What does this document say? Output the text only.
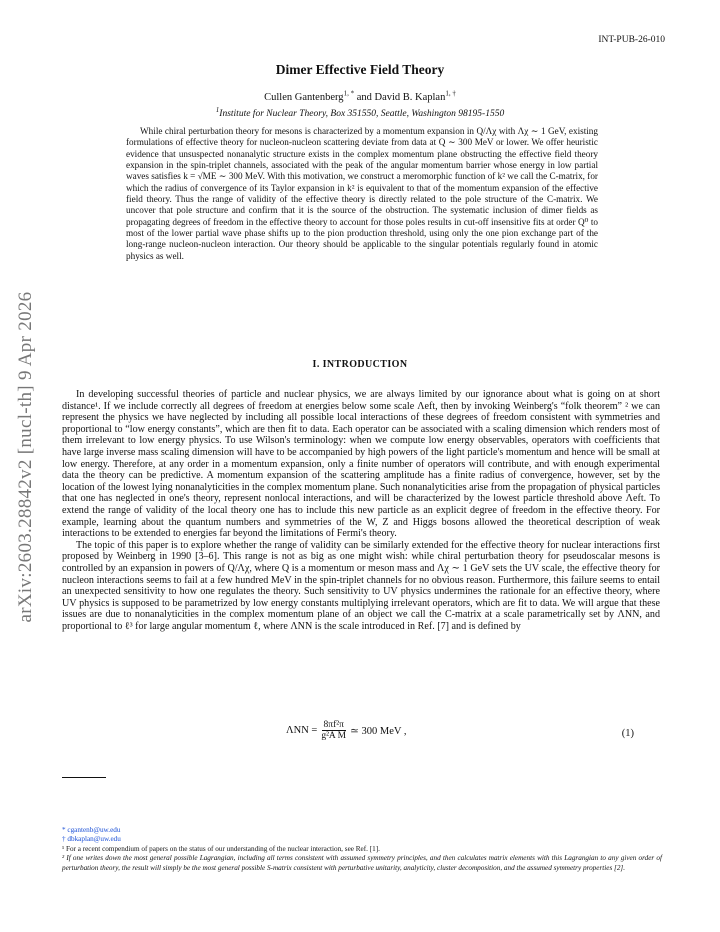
INT-PUB-26-010
arXiv:2603.28842v2 [nucl-th] 9 Apr 2026
Dimer Effective Field Theory
Cullen Gantenberg$^{1, *}$ and David B. Kaplan$^{1, \dagger}$
$^1$Institute for Nuclear Theory, Box 351550, Seattle, Washington 98195-1550

While chiral perturbation theory for mesons is characterized by a momentum expansion in Q/Λχ with Λχ ∼ 1 GeV, existing formulations of effective theory for nucleon-nucleon scattering deviate from data at Q ∼ 300 MeV or lower. We offer heuristic evidence that unsuspected nonanalytic structure exists in the complex momentum plane obstructing the effective field theory expansion in the spin-triplet channels, associated with the peak of the angular momentum barrier whose energy in low partial waves satisfies k = √ME ∼ 300 MeV. With this motivation, we construct a meromorphic function of k² we call the C-matrix, for which the radius of convergence of its Taylor expansion in k² is equivalent to that of the momentum expansion of the effective field theory. Thus the range of validity of the effective theory is directly related to the pole structure of the C-matrix. We uncover that pole structure and confirm that it is the source of the obstruction. The systematic inclusion of dimer fields as propagating degrees of freedom in the effective theory to account for those poles results in cut-off insensitive fits at order Q⁰ to most of the lower partial wave phase shifts up to the pion production threshold, using only the one pion exchange part of the long-range nucleon-nucleon interaction. Our theory should be applicable to the singular potentials regularly found in atomic physics as well.

I. INTRODUCTION

In developing successful theories of particle and nuclear physics, we are always limited by our ignorance about what is going on at short distance¹. If we include correctly all degrees of freedom at energies below some scale Λeft, then by invoking Weinberg's “folk theorem” ² we can represent the physics we have neglected by including all possible local interactions of these degrees of freedom consistent with symmetries and proportional to “low energy constants”, which are then fit to data. Each operator can be associated with a scaling dimension which renders most of them irrelevant to low energy physics. To use Wilson's terminology: when we compute low energy observables, operators with coefficients that have large inverse mass scaling dimension will have to be accompanied by high powers of the light particle's momentum and hence will be small at low energy. Therefore, at any order in a momentum expansion, only a finite number of operators will contribute, and with enough experimental data the theory can be predictive. A momentum expansion of the scattering amplitude has a finite radius of convergence, however, set by the location of the lowest lying nonanalyticities in the complex momentum plane. Such nonanalyticities arise from the propagation of physical particles that one has neglected in one's theory, represent nonlocal interactions, and will be characterized by the lowest particle threshold above Λeft. To extend the range of validity of the local theory one has to include this new particle as an explicit degree of freedom in the effective theory. For example, learning about the quantum numbers and symmetries of the W, Z and Higgs bosons allowed the theoretical description of weak interactions to be extended to energies far beyond the limitations of Fermi's theory.

The topic of this paper is to explore whether the range of validity can be similarly extended for the effective theory for nuclear interactions first proposed by Weinberg in 1990 [3–6]. This range is not as big as one might wish: while chiral perturbation theory for pseudoscalar mesons is controlled by an expansion in powers of Q/Λχ, where Q is a momentum or meson mass and Λχ ∼ 1 GeV sets the UV scale, the effective theory for nucleon interactions seems to fail at a few hundred MeV in the spin-triplet channels for no obvious reason. Furthermore, this failure seems to entail an unexpected sensitivity to how one regulates the theory. Such sensitivity to UV physics undermines the rationale for an effective theory, where UV physics is supposed to be parametrized by low energy constants multiplying irrelevant operators, which are fit to data. We will argue that these issues are due to nonanalyticities in the complex momentum plane of an object we call the C-matrix at a scale parametrically set by ΛNN, and proportional to ℓ³ for large angular momentum ℓ, where ΛNN is the scale introduced in Ref. [7] and is defined by

$\Lambda NN = \frac{\text{8πf²π}}{\text{g²A M}}$ ≃ 300 MeV ,	(1)
* cgantenb@uw.edu
† dbkaplan@uw.edu
¹ For a recent compendium of papers on the status of our understanding of the nuclear interaction, see Ref. [1].
² If one writes down the most general possible Lagrangian, including all terms consistent with assumed symmetry principles, and then calculates matrix elements with this Lagrangian to any given order of perturbation theory, the result will simply be the most general possible S-matrix consistent with perturbative unitarity, analyticity, cluster decomposition, and the assumed symmetry properties [2].
